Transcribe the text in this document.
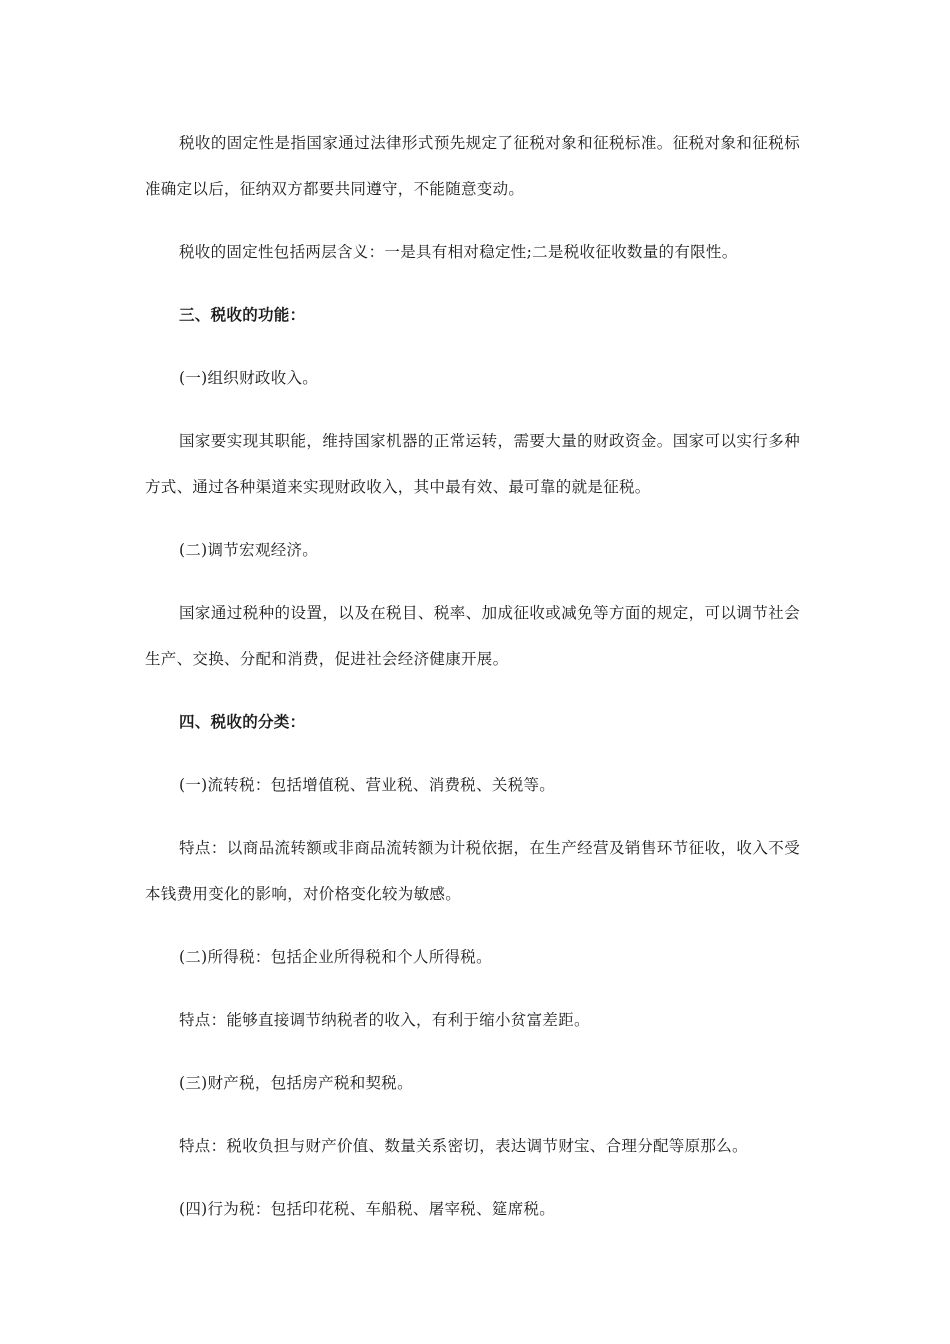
税收的固定性是指国家通过法律形式预先规定了征税对象和征税标准。征税对象和征税标准确定以后，征纳双方都要共同遵守，不能随意变动。

税收的固定性包括两层含义：一是具有相对稳定性;二是税收征收数量的有限性。

三、税收的功能：

(一)组织财政收入。

国家要实现其职能，维持国家机器的正常运转，需要大量的财政资金。国家可以实行多种方式、通过各种渠道来实现财政收入，其中最有效、最可靠的就是征税。

(二)调节宏观经济。

国家通过税种的设置，以及在税目、税率、加成征收或减免等方面的规定，可以调节社会生产、交换、分配和消费，促进社会经济健康开展。

四、税收的分类：

(一)流转税：包括增值税、营业税、消费税、关税等。

特点：以商品流转额或非商品流转额为计税依据，在生产经营及销售环节征收，收入不受本钱费用变化的影响，对价格变化较为敏感。

(二)所得税：包括企业所得税和个人所得税。

特点：能够直接调节纳税者的收入，有利于缩小贫富差距。

(三)财产税，包括房产税和契税。

特点：税收负担与财产价值、数量关系密切，表达调节财宝、合理分配等原那么。

(四)行为税：包括印花税、车船税、屠宰税、筵席税。
